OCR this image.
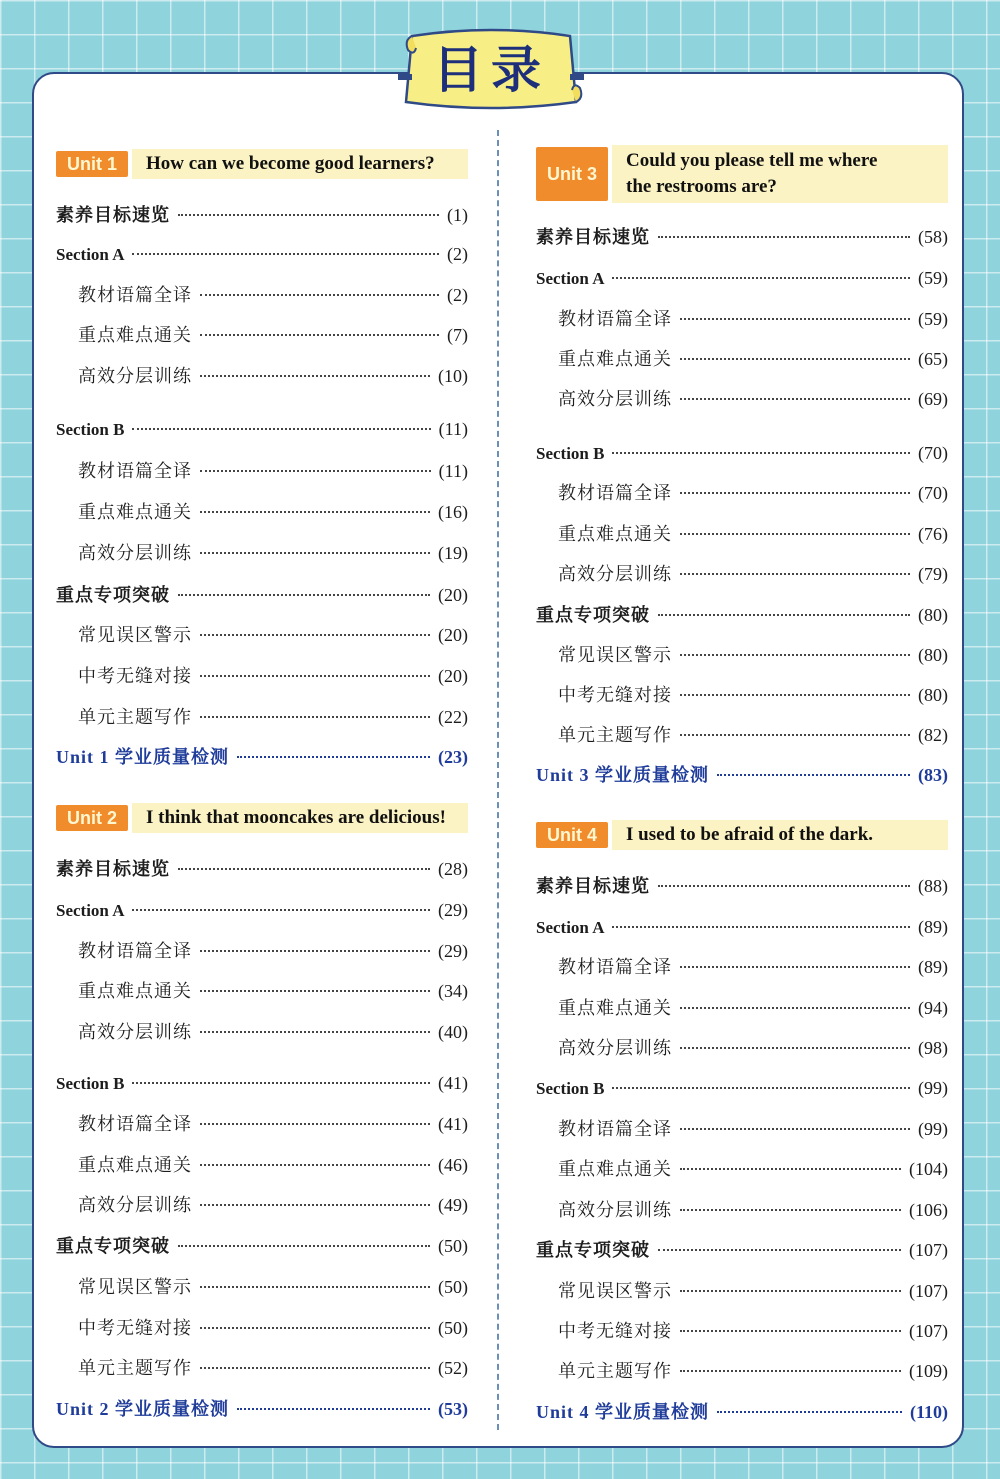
目录
Unit 1	How can we become good learners?
素养目标速览	(1)
Section A	(2)
教材语篇全译	(2)
重点难点通关	(7)
高效分层训练	(10)
Section B	(11)
教材语篇全译	(11)
重点难点通关	(16)
高效分层训练	(19)
重点专项突破	(20)
常见误区警示	(20)
中考无缝对接	(20)
单元主题写作	(22)
Unit 1 学业质量检测	(23)
Unit 2	I think that mooncakes are delicious!
素养目标速览	(28)
Section A	(29)
教材语篇全译	(29)
重点难点通关	(34)
高效分层训练	(40)
Section B	(41)
教材语篇全译	(41)
重点难点通关	(46)
高效分层训练	(49)
重点专项突破	(50)
常见误区警示	(50)
中考无缝对接	(50)
单元主题写作	(52)
Unit 2 学业质量检测	(53)
Unit 3
Could you please tell me where
the restrooms are?
素养目标速览	(58)
Section A	(59)
教材语篇全译	(59)
重点难点通关	(65)
高效分层训练	(69)
Section B	(70)
教材语篇全译	(70)
重点难点通关	(76)
高效分层训练	(79)
重点专项突破	(80)
常见误区警示	(80)
中考无缝对接	(80)
单元主题写作	(82)
Unit 3 学业质量检测	(83)
Unit 4	I used to be afraid of the dark.
素养目标速览	(88)
Section A	(89)
教材语篇全译	(89)
重点难点通关	(94)
高效分层训练	(98)
Section B	(99)
教材语篇全译	(99)
重点难点通关	(104)
高效分层训练	(106)
重点专项突破	(107)
常见误区警示	(107)
中考无缝对接	(107)
单元主题写作	(109)
Unit 4 学业质量检测	(110)
